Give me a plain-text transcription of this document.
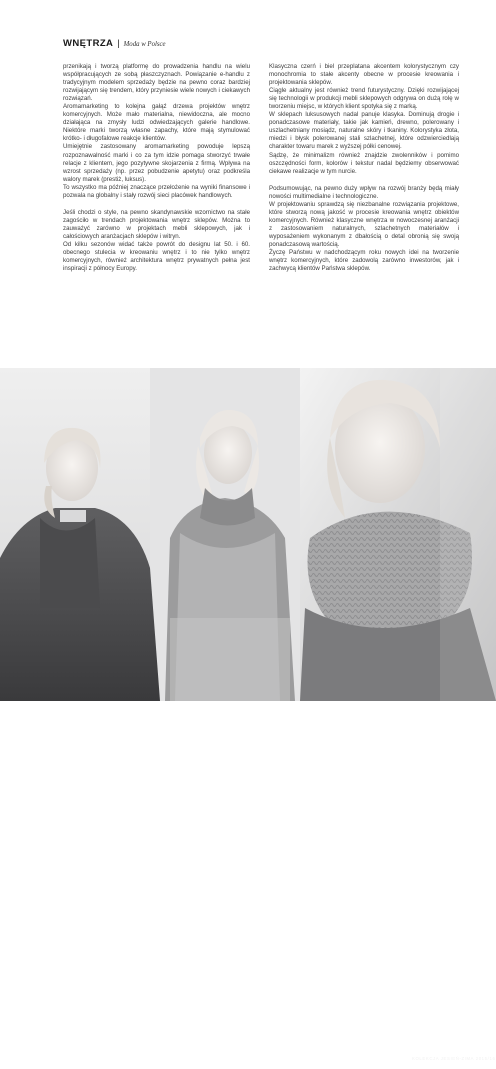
WNĘTRZA | Moda w Polsce

przenikają i tworzą platformę do prowadzenia handlu na wielu współpracujących ze sobą płaszczyznach. Powiązanie e-handlu z tradycyjnym modelem sprzedaży będzie na pewno coraz bardziej rozwijającym się trendem, który przyniesie wiele nowych i ciekawych rozwiązań.

Aromamarketing to kolejna gałąź drzewa projektów wnętrz komercyjnych. Może mało materialna, niewidoczna, ale mocno działająca na zmysły ludzi odwiedzających galerie handlowe. Niektóre marki tworzą własne zapachy, które mają stymulować krótko- i długofalowe reakcje klientów.

Umiejętnie zastosowany aromamarketing powoduje lepszą rozpoznawalność marki i co za tym idzie pomaga stworzyć trwałe relacje z klientem, jego pozytywne skojarzenia z firmą. Wpływa na wzrost sprzedaży (np. przez pobudzenie apetytu) oraz podkreśla walory marek (prestiż, luksus).

To wszystko ma później znaczące przełożenie na wyniki finansowe i pozwala na globalny i stały rozwój sieci placówek handlowych.

Jeśli chodzi o style, na pewno skandynawskie wzornictwo na stałe zagościło w trendach projektowania wnętrz sklepów. Można to zauważyć zarówno w projektach mebli sklepowych, jak i całościowych aranżacjach sklepów i witryn.

Od kilku sezonów widać także powrót do designu lat 50. i 60. obecnego stulecia w kreowaniu wnętrz i to nie tylko wnętrz komercyjnych, również architektura wnętrz prywatnych pełna jest inspiracji z północy Europy.

Klasyczna czerń i biel przeplatana akcentem kolorystycznym czy monochromia to stałe akcenty obecne w procesie kreowania i projektowania sklepów.

Ciągle aktualny jest również trend futurystyczny. Dzięki rozwijającej się technologii w produkcji mebli sklepowych odgrywa on dużą rolę w tworzeniu miejsc, w których klient spotyka się z marką.

W sklepach luksusowych nadal panuje klasyka. Dominują drogie i ponadczasowe materiały, takie jak kamień, drewno, polerowany i uszlachetniany mosiądz, naturalne skóry i tkaniny. Kolorystyka złota, miedzi i błysk polerowanej stali szlachetnej, które odzwierciedlają charakter towaru marek z wyższej półki cenowej.

Sądzę, że minimalizm również znajdzie zwolenników i pomimo oszczędności form, kolorów i tekstur nadal będziemy obserwować ciekawe realizacje w tym nurcie.

Podsumowując, na pewno duży wpływ na rozwój branży będą miały nowości multimedialne i technologiczne.

W projektowaniu sprawdzą się niezbanalne rozwiązania projektowe, które stworzą nową jakość w procesie kreowania wnętrz obiektów komercyjnych. Również klasyczne wnętrza w nowoczesnej aranżacji z zastosowaniem naturalnych, szlachetnych materiałów i wyposażeniem wykonanym z dbałością o detal obronią się swoją ponadczasową wartością.

Życzę Państwu w nadchodzącym roku nowych idei na tworzenie wnętrz komercyjnych, które zadowolą zarówno inwestorów, jak i zachwycą klientów Państwa sklepów.

ĉalo
KOLEKCJA JESIEŃ-ZIMA 2015/16
